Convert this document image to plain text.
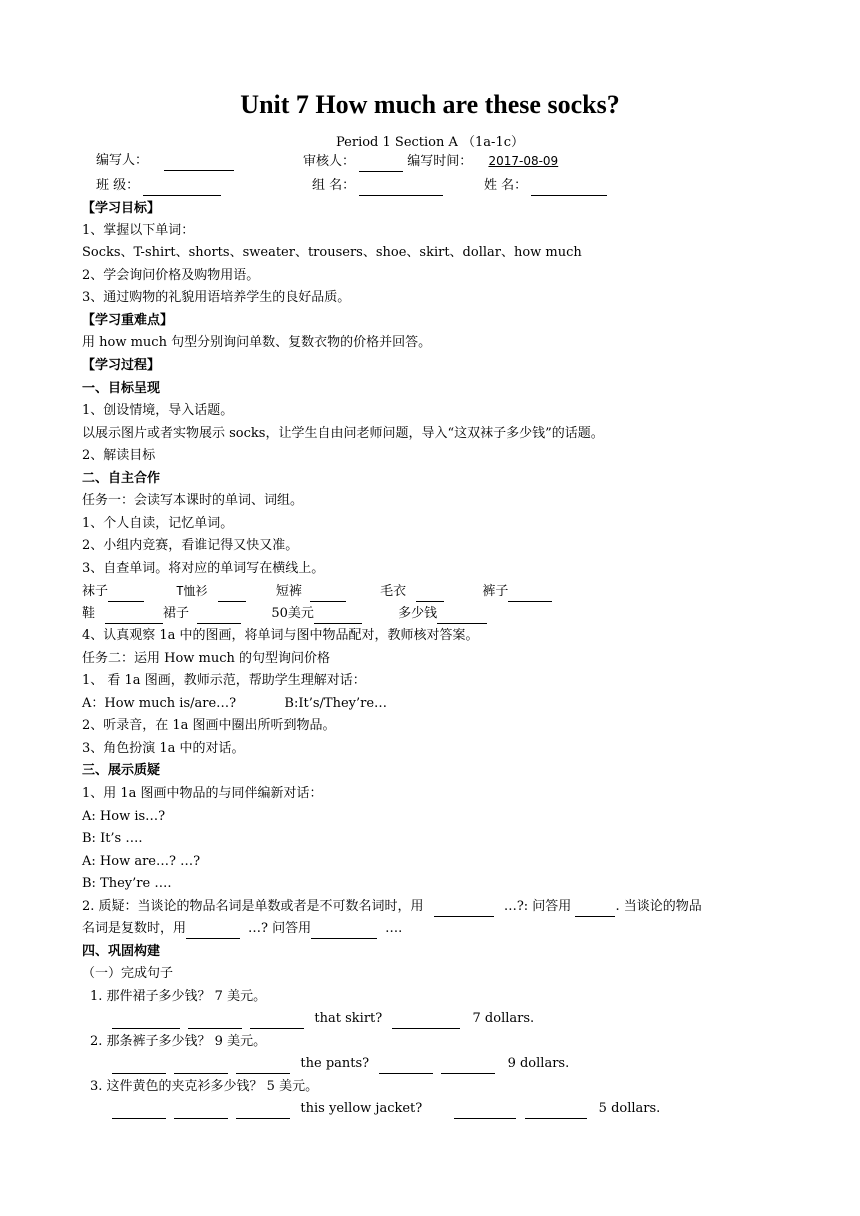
Unit 7 How much are these socks?
Period 1 Section A （1a-1c）
编写人：	审核人：	编写时间： 2017-08-09
班 级：	组 名：	姓 名：
【学习目标】
1、掌握以下单词：
Socks、T-shirt、shorts、sweater、trousers、shoe、skirt、dollar、how much
2、学会询问价格及购物用语。
3、通过购物的礼貌用语培养学生的良好品质。
【学习重难点】
用 how much 句型分别询问单数、复数衣物的价格并回答。
【学习过程】
一、目标呈现
1、创设情境，导入话题。
以展示图片或者实物展示 socks，让学生自由问老师问题，导入“这双袜子多少钱”的话题。
2、解读目标
二、自主合作
任务一：会读写本课时的单词、词组。
1、个人自读，记忆单词。
2、小组内竞赛，看谁记得又快又准。
3、自查单词。将对应的单词写在横线上。
袜子	T恤衫	短裤	毛衣	裤子
鞋	裙子	50美元	多少钱
4、认真观察 1a 中的图画，将单词与图中物品配对，教师核对答案。
任务二：运用 How much 的句型询问价格
1、 看 1a 图画，教师示范，帮助学生理解对话：
A：How much is/are…?	B:It’s/They’re…
2、听录音，在 1a 图画中圈出所听到物品。
3、角色扮演 1a 中的对话。
三、展示质疑
1、用 1a 图画中物品的与同伴编新对话：
A: How is…?
B: It’s ….
A: How are…? …?
B: They’re ….
2. 质疑：当谈论的物品名词是单数或者是不可数名词时，用	…?: 问答用	. 当谈论的物品
名词是复数时，用	…? 问答用	….
四、巩固构建
（一）完成句子
1. 那件裙子多少钱？ 7 美元。
that skirt?	7 dollars.
2. 那条裤子多少钱？ 9 美元。
the pants?	9 dollars.
3. 这件黄色的夹克衫多少钱？ 5 美元。
this yellow jacket?	5 dollars.
